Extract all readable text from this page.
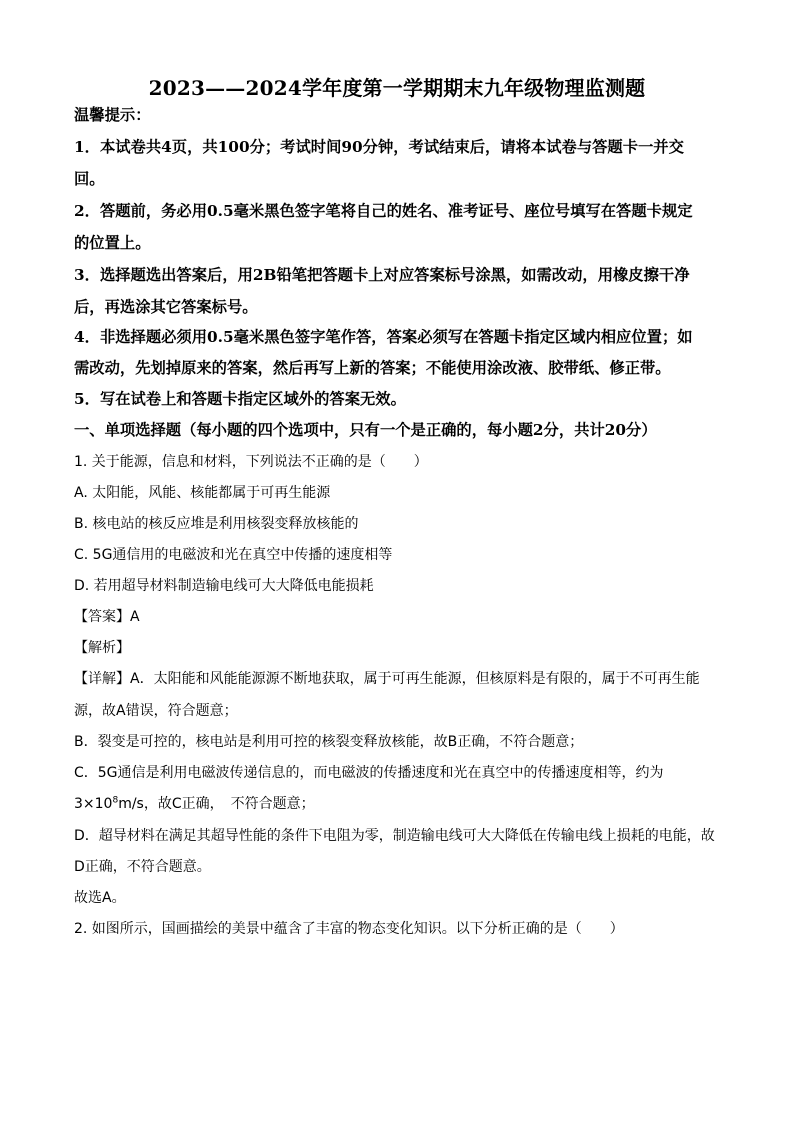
2023——2024学年度第一学期期末九年级物理监测题
温馨提示：
1．本试卷共4页，共100分；考试时间90分钟，考试结束后，请将本试卷与答题卡一并交
回。
2．答题前，务必用0.5毫米黑色签字笔将自己的姓名、准考证号、座位号填写在答题卡规定
的位置上。
3．选择题选出答案后，用2B铅笔把答题卡上对应答案标号涂黑，如需改动，用橡皮擦干净
后，再选涂其它答案标号。
4．非选择题必须用0.5毫米黑色签字笔作答，答案必须写在答题卡指定区域内相应位置；如
需改动，先划掉原来的答案，然后再写上新的答案；不能使用涂改液、胶带纸、修正带。
5．写在试卷上和答题卡指定区域外的答案无效。
一、单项选择题（每小题的四个选项中，只有一个是正确的，每小题2分，共计20分）
1. 关于能源，信息和材料，下列说法不正确的是（　　）
A. 太阳能，风能、核能都属于可再生能源
B. 核电站的核反应堆是利用核裂变释放核能的
C. 5G通信用的电磁波和光在真空中传播的速度相等
D. 若用超导材料制造输电线可大大降低电能损耗
【答案】A
【解析】
【详解】A．太阳能和风能能源源不断地获取，属于可再生能源，但核原料是有限的，属于不可再生能
源，故A错误，符合题意；
B．裂变是可控的，核电站是利用可控的核裂变释放核能，故B正确，不符合题意；
C．5G通信是利用电磁波传递信息的，而电磁波的传播速度和光在真空中的传播速度相等，约为
$3\times 10^8m/s$，故C正确，　不符合题意；
D．超导材料在满足其超导性能的条件下电阻为零，制造输电线可大大降低在传输电线上损耗的电能，故
D正确，不符合题意。
故选A。
2. 如图所示，国画描绘的美景中蕴含了丰富的物态变化知识。以下分析正确的是（　　）
